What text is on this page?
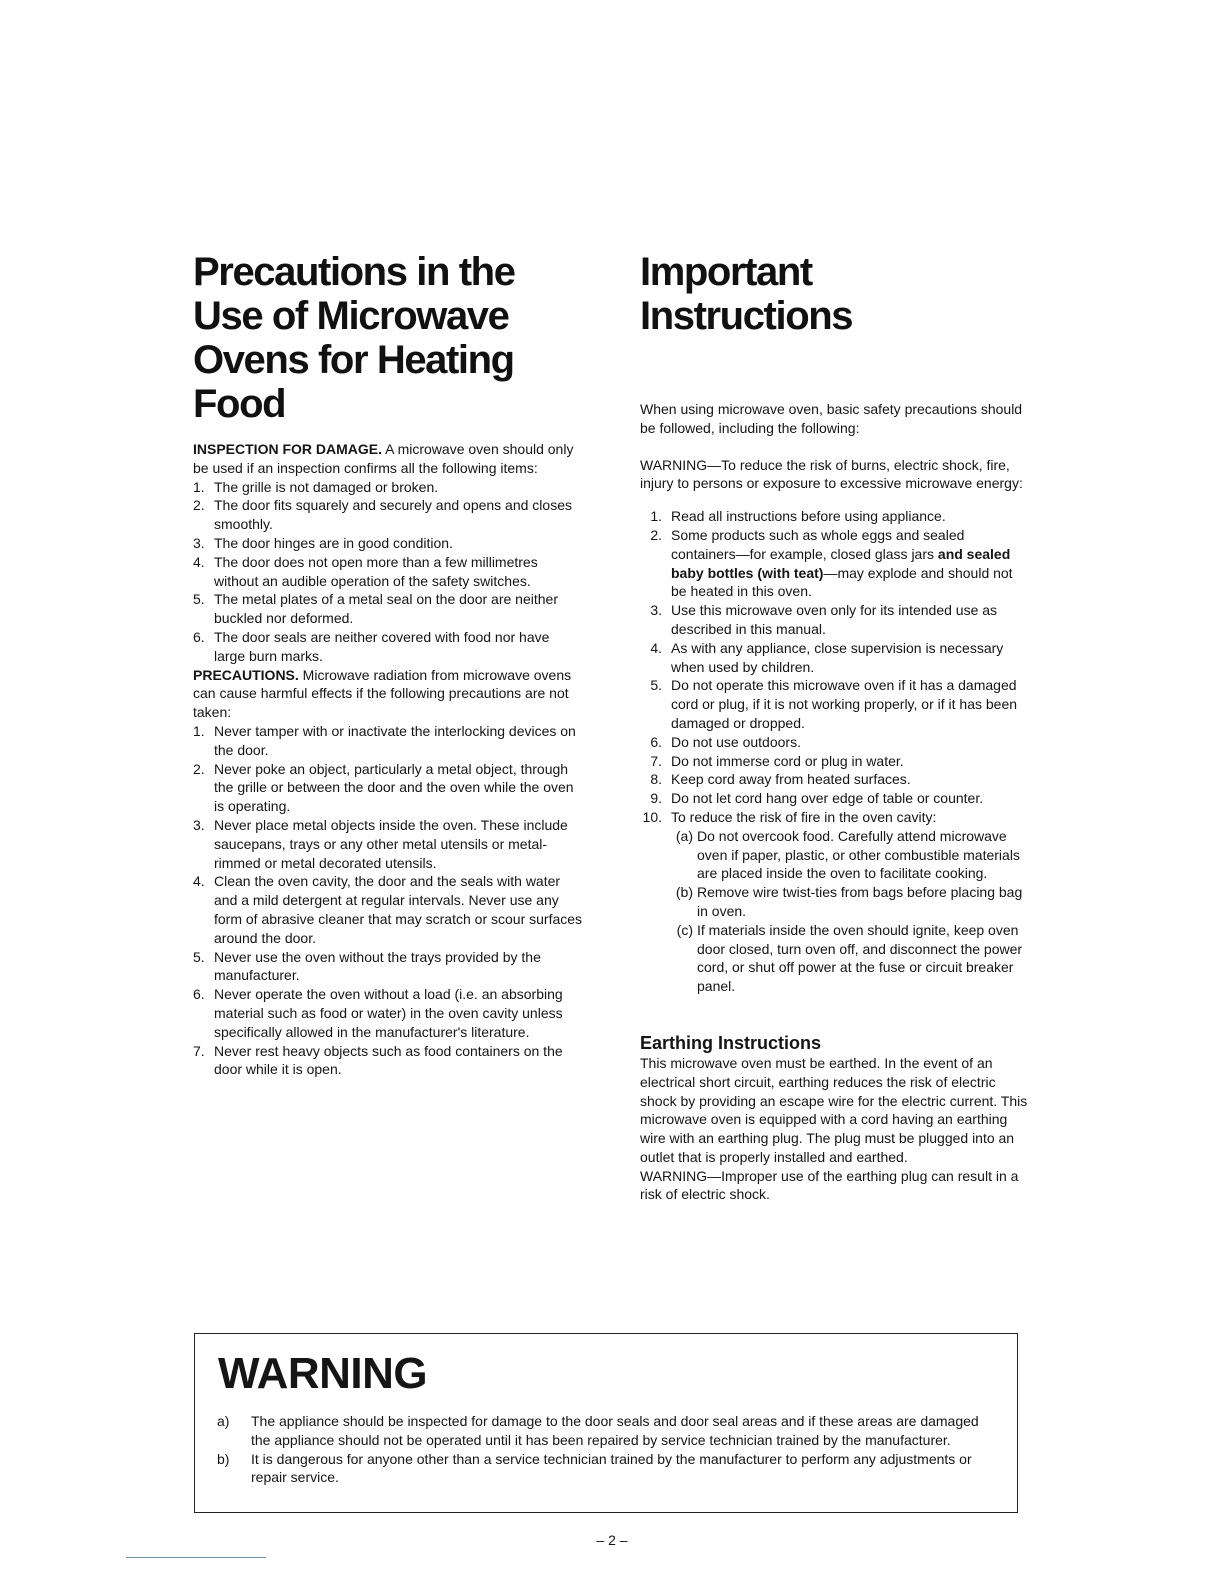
Precautions in the
Use of Microwave
Ovens for Heating
Food

INSPECTION FOR DAMAGE. A microwave oven should only be used if an inspection confirms all the following items:

1. The grille is not damaged or broken.
2. The door fits squarely and securely and opens and closes smoothly.
3. The door hinges are in good condition.
4. The door does not open more than a few millimetres without an audible operation of the safety switches.
5. The metal plates of a metal seal on the door are neither buckled nor deformed.
6. The door seals are neither covered with food nor have large burn marks.

PRECAUTIONS. Microwave radiation from microwave ovens can cause harmful effects if the following precautions are not taken:

1. Never tamper with or inactivate the interlocking devices on the door.
2. Never poke an object, particularly a metal object, through the grille or between the door and the oven while the oven is operating.
3. Never place metal objects inside the oven. These include saucepans, trays or any other metal utensils or metal-rimmed or metal decorated utensils.
4. Clean the oven cavity, the door and the seals with water and a mild detergent at regular intervals. Never use any form of abrasive cleaner that may scratch or scour surfaces around the door.
5. Never use the oven without the trays provided by the manufacturer.
6. Never operate the oven without a load (i.e. an absorbing material such as food or water) in the oven cavity unless specifically allowed in the manufacturer's literature.
7. Never rest heavy objects such as food containers on the door while it is open.
Important
Instructions

When using microwave oven, basic safety precautions should be followed, including the following:

WARNING—To reduce the risk of burns, electric shock, fire, injury to persons or exposure to excessive microwave energy:

1. Read all instructions before using appliance.
2. Some products such as whole eggs and sealed containers—for example, closed glass jars and sealed baby bottles (with teat)—may explode and should not be heated in this oven.
3. Use this microwave oven only for its intended use as described in this manual.
4. As with any appliance, close supervision is necessary when used by children.
5. Do not operate this microwave oven if it has a damaged cord or plug, if it is not working properly, or if it has been damaged or dropped.
6. Do not use outdoors.
7. Do not immerse cord or plug in water.
8. Keep cord away from heated surfaces.
9. Do not let cord hang over edge of table or counter.
10. To reduce the risk of fire in the oven cavity:
(a) Do not overcook food. Carefully attend microwave oven if paper, plastic, or other combustible materials are placed inside the oven to facilitate cooking.
(b) Remove wire twist-ties from bags before placing bag in oven.
(c) If materials inside the oven should ignite, keep oven door closed, turn oven off, and disconnect the power cord, or shut off power at the fuse or circuit breaker panel.
Earthing Instructions

This microwave oven must be earthed. In the event of an electrical short circuit, earthing reduces the risk of electric shock by providing an escape wire for the electric current. This microwave oven is equipped with a cord having an earthing wire with an earthing plug. The plug must be plugged into an outlet that is properly installed and earthed.

WARNING—Improper use of the earthing plug can result in a risk of electric shock.

WARNING
a) The appliance should be inspected for damage to the door seals and door seal areas and if these areas are damaged the appliance should not be operated until it has been repaired by service technician trained by the manufacturer.
b) It is dangerous for anyone other than a service technician trained by the manufacturer to perform any adjustments or repair service.
– 2 –
